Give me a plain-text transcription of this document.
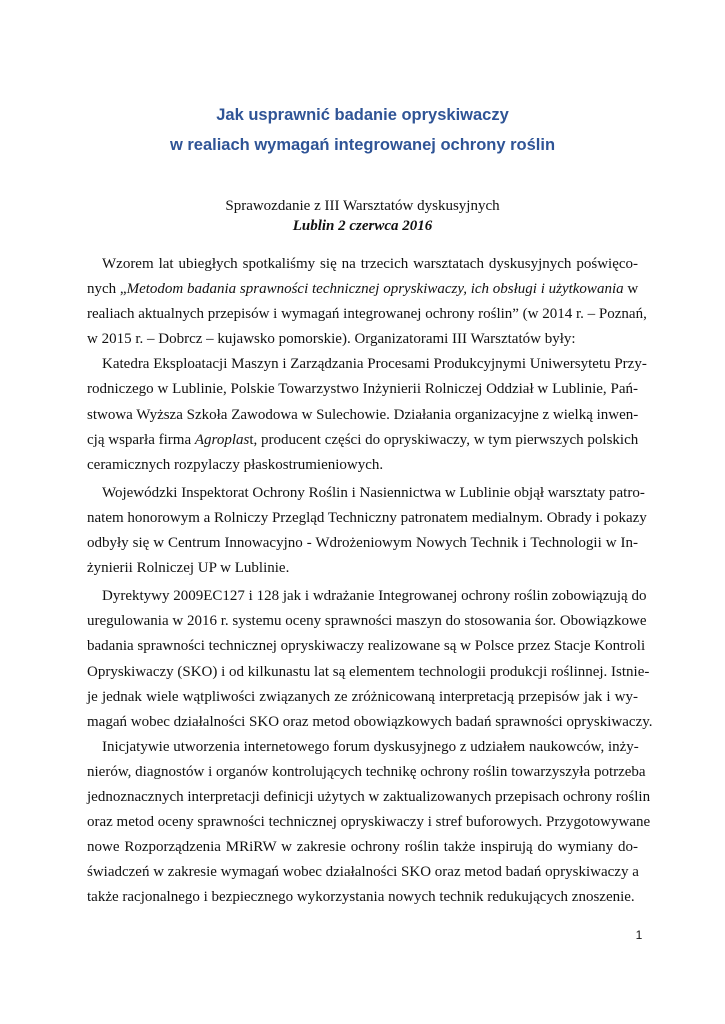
Jak usprawnić badanie opryskiwaczy
w realiach wymagań integrowanej ochrony roślin
Sprawozdanie z III Warsztatów dyskusyjnych
Lublin 2 czerwca 2016
Wzorem lat ubiegłych spotkaliśmy się na trzecich warsztatach dyskusyjnych poświęco-
nych „Metodom badania sprawności technicznej opryskiwaczy, ich obsługi i użytkowania w
realiach aktualnych przepisów i wymagań integrowanej ochrony roślin” (w 2014 r. – Poznań,
w 2015 r. – Dobrcz – kujawsko pomorskie). Organizatorami III Warsztatów były:
Katedra Eksploatacji Maszyn i Zarządzania Procesami Produkcyjnymi Uniwersytetu Przy-
rodniczego w Lublinie, Polskie Towarzystwo Inżynierii Rolniczej Oddział w Lublinie, Pań-
stwowa Wyższa Szkoła Zawodowa w Sulechowie. Działania organizacyjne z wielką inwen-
cją wsparła firma Agroplast, producent części do opryskiwaczy, w tym pierwszych polskich
ceramicznych rozpylaczy płaskostrumieniowych.
Wojewódzki Inspektorat Ochrony Roślin i Nasiennictwa w Lublinie objął warsztaty patro-
natem honorowym a Rolniczy Przegląd Techniczny patronatem medialnym. Obrady i pokazy
odbyły się w Centrum Innowacyjno - Wdrożeniowym Nowych Technik i Technologii w In-
żynierii Rolniczej UP w Lublinie.
Dyrektywy 2009EC127 i 128 jak i wdrażanie Integrowanej ochrony roślin zobowiązują do
uregulowania w 2016 r. systemu oceny sprawności maszyn do stosowania śor. Obowiązkowe
badania sprawności technicznej opryskiwaczy realizowane są w Polsce przez Stacje Kontroli
Opryskiwaczy (SKO) i od kilkunastu lat są elementem technologii produkcji roślinnej. Istnie-
je jednak wiele wątpliwości związanych ze zróżnicowaną interpretacją przepisów jak i wy-
magań wobec działalności SKO oraz metod obowiązkowych badań sprawności opryskiwaczy.
Inicjatywie utworzenia internetowego forum dyskusyjnego z udziałem naukowców, inży-
nierów, diagnostów i organów kontrolujących technikę ochrony roślin towarzyszyła potrzeba
jednoznacznych interpretacji definicji użytych w zaktualizowanych przepisach ochrony roślin
oraz metod oceny sprawności technicznej opryskiwaczy i stref buforowych. Przygotowywane
nowe Rozporządzenia MRiRW w zakresie ochrony roślin także inspirują do wymiany do-
świadczeń w zakresie wymagań wobec działalności SKO oraz metod badań opryskiwaczy a
także racjonalnego i bezpiecznego wykorzystania nowych technik redukujących znoszenie.
1
